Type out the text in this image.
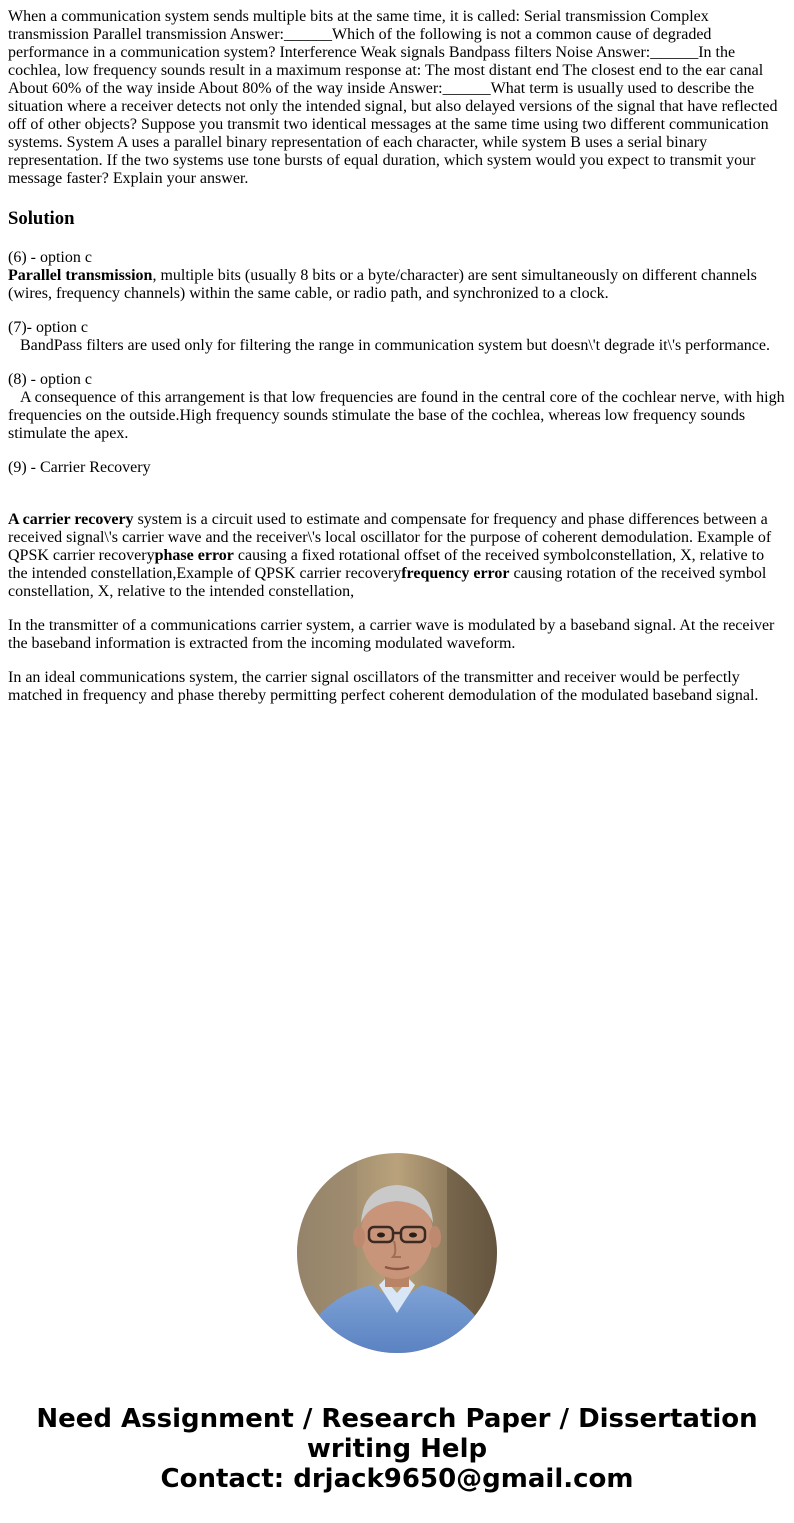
When a communication system sends multiple bits at the same time, it is called: Serial transmission Complex transmission Parallel transmission Answer:______Which of the following is not a common cause of degraded performance in a communication system? Interference Weak signals Bandpass filters Noise Answer:______In the cochlea, low frequency sounds result in a maximum response at: The most distant end The closest end to the ear canal About 60% of the way inside About 80% of the way inside Answer:______What term is usually used to describe the situation where a receiver detects not only the intended signal, but also delayed versions of the signal that have reflected off of other objects? Suppose you transmit two identical messages at the same time using two different communication systems. System A uses a parallel binary representation of each character, while system B uses a serial binary representation. If the two systems use tone bursts of equal duration, which system would you expect to transmit your message faster? Explain your answer.

Solution
(6) - option c

Parallel transmission, multiple bits (usually 8 bits or a byte/character) are sent simultaneously on different channels (wires, frequency channels) within the same cable, or radio path, and synchronized to a clock.

(7)- option c

BandPass filters are used only for filtering the range in communication system but doesn\'t degrade it\'s performance.

(8) - option c

A consequence of this arrangement is that low frequencies are found in the central core of the cochlear nerve, with high frequencies on the outside.High frequency sounds stimulate the base of the cochlea, whereas low frequency sounds stimulate the apex.

(9) - Carrier Recovery

A carrier recovery system is a circuit used to estimate and compensate for frequency and phase differences between a received signal\'s carrier wave and the receiver\'s local oscillator for the purpose of coherent demodulation. Example of QPSK carrier recoveryphase error causing a fixed rotational offset of the received symbolconstellation, X, relative to the intended constellation,Example of QPSK carrier recoveryfrequency error causing rotation of the received symbol constellation, X, relative to the intended constellation,

In the transmitter of a communications carrier system, a carrier wave is modulated by a baseband signal. At the receiver the baseband information is extracted from the incoming modulated waveform.

In an ideal communications system, the carrier signal oscillators of the transmitter and receiver would be perfectly matched in frequency and phase thereby permitting perfect coherent demodulation of the modulated baseband signal.

Need Assignment / Research Paper / Dissertation
writing Help
Contact: drjack9650@gmail.com
